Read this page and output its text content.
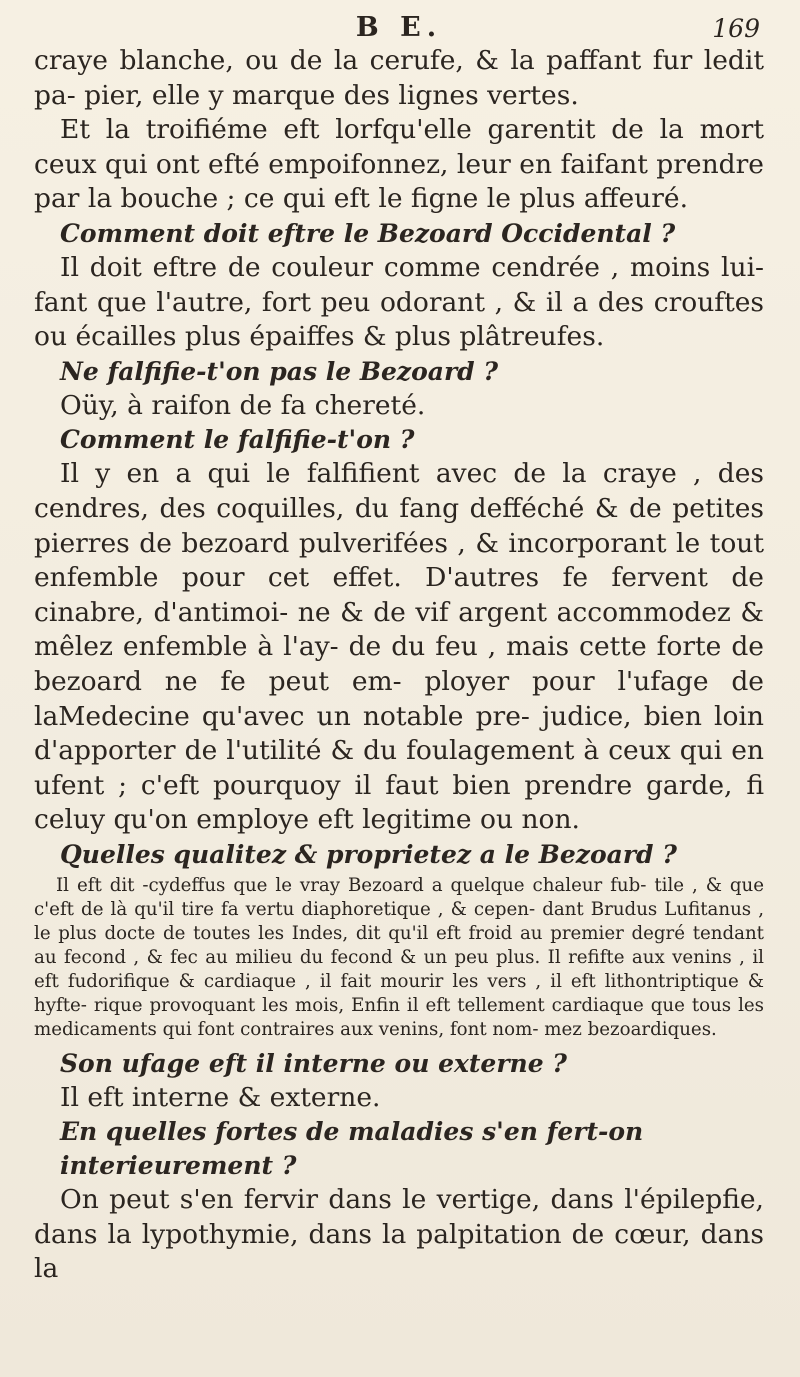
B E.	169

craye blanche, ou de la cerufe, & la paffant fur ledit pa- pier, elle y marque des lignes vertes.

Et la troifiéme eft lorfqu'elle garentit de la mort ceux qui ont efté empoifonnez, leur en faifant prendre par la bouche ; ce qui eft le figne le plus affeuré.

Comment doit eftre le Bezoard Occidental ?

Il doit eftre de couleur comme cendrée , moins lui- fant que l'autre, fort peu odorant , & il a des crouftes ou écailles plus épaiffes & plus plâtreufes.

Ne falfifie-t'on pas le Bezoard ?

Oüy, à raifon de fa chereté.

Comment le falfifie-t'on ?

Il y en a qui le falfifient avec de la craye , des cendres, des coquilles, du fang defféché & de petites pierres de bezoard pulverifées , & incorporant le tout enfemble pour cet effet. D'autres fe fervent de cinabre, d'antimoi- ne & de vif argent accommodez & mêlez enfemble à l'ay- de du feu , mais cette forte de bezoard ne fe peut em- ployer pour l'ufage de laMedecine qu'avec un notable pre- judice, bien loin d'apporter de l'utilité & du foulagement à ceux qui en ufent ; c'eft pourquoy il faut bien prendre garde, fi celuy qu'on employe eft legitime ou non.

Quelles qualitez & proprietez a le Bezoard ?

Il eft dit -cydeffus que le vray Bezoard a quelque chaleur fub- tile , & que c'eft de là qu'il tire fa vertu diaphoretique , & cepen- dant Brudus Lufitanus , le plus docte de toutes les Indes, dit qu'il eft froid au premier degré tendant au fecond , & fec au milieu du fecond & un peu plus. Il refifte aux venins , il eft fudorifique & cardiaque , il fait mourir les vers , il eft lithontriptique & hyfte- rique provoquant les mois, Enfin il eft tellement cardiaque que tous les medicaments qui font contraires aux venins, font nom- mez bezoardiques.

Son ufage eft il interne ou externe ?

Il eft interne & externe.

En quelles fortes de maladies s'en fert-on interieurement ?

On peut s'en fervir dans le vertige, dans l'épilepfie, dans la lypothymie, dans la palpitation de cœur, dans la
